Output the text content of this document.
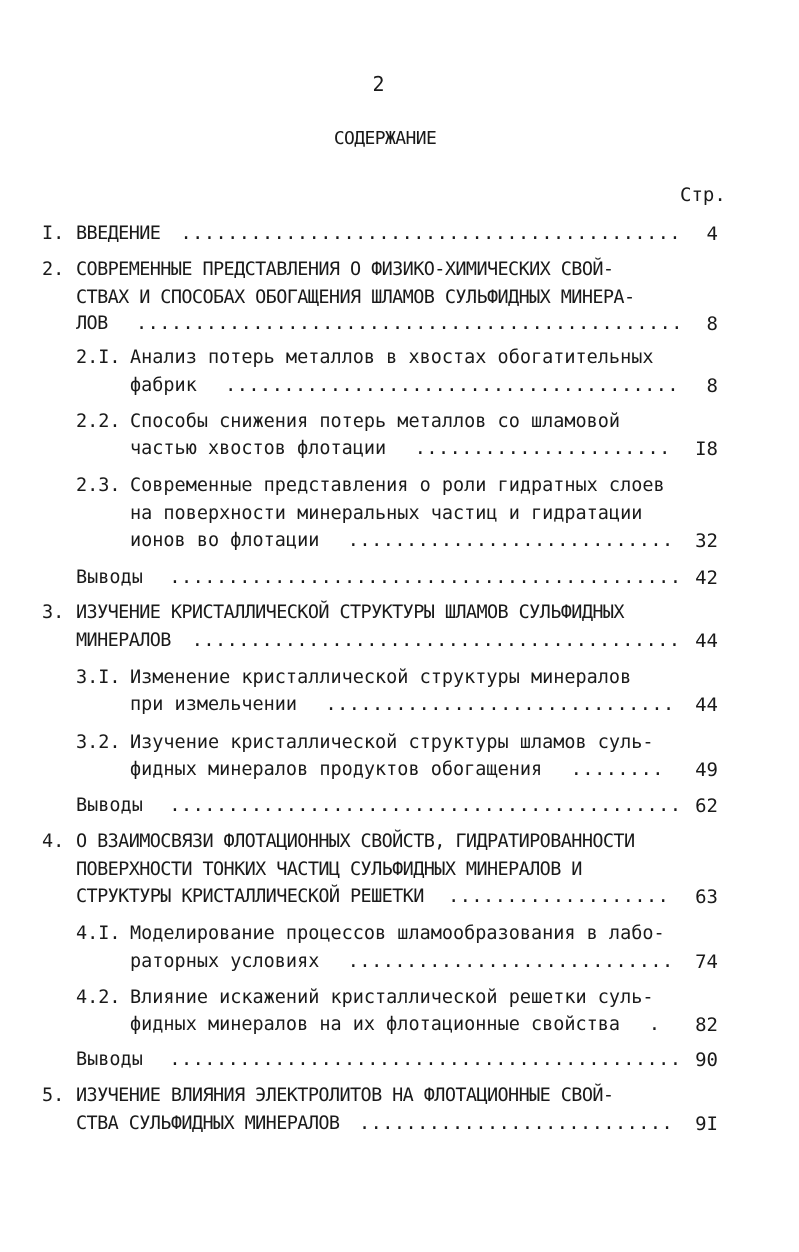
2
СОДЕРЖАНИЕ
Стр.
I. ВВЕДЕНИЕ ...........................................	4
2. СОВРЕМЕННЫЕ ПРЕДСТАВЛЕНИЯ О ФИЗИКО-ХИМИЧЕСКИХ СВОЙ-
СТВАХ И СПОСОБАХ ОБОГАЩЕНИЯ ШЛАМОВ СУЛЬФИДНЫХ МИНЕРА-
ЛОВ ...............................................	8
2.I. Анализ потерь металлов в хвостах обогатительных
фабрик .......................................	8
2.2. Способы снижения потерь металлов со шламовой
частью хвостов флотации ......................	I8
2.3. Современные представления о роли гидратных слоев
на поверхности минеральных частиц и гидратации
ионов во флотации ............................	32
Выводы ............................................ 42
3. ИЗУЧЕНИЕ КРИСТАЛЛИЧЕСКОЙ СТРУКТУРЫ ШЛАМОВ СУЛЬФИДНЫХ
МИНЕРАЛОВ .......................................... 44
3.I. Изменение кристаллической структуры минералов
при измельчении ..............................	44
3.2. Изучение кристаллической структуры шламов суль-
фидных минералов продуктов обогащения ........	49
Выводы ............................................ 62
4. О ВЗАИМОСВЯЗИ ФЛОТАЦИОННЫХ СВОЙСТВ, ГИДРАТИРОВАННОСТИ
ПОВЕРХНОСТИ ТОНКИХ ЧАСТИЦ СУЛЬФИДНЫХ МИНЕРАЛОВ И
СТРУКТУРЫ КРИСТАЛЛИЧЕСКОЙ РЕШЕТКИ ...................	63
4.I. Моделирование процессов шламообразования в лабо-
раторных условиях ............................	74
4.2. Влияние искажений кристаллической решетки суль-
фидных минералов на их флотационные свойства .	82
Выводы ............................................ 90
5. ИЗУЧЕНИЕ ВЛИЯНИЯ ЭЛЕКТРОЛИТОВ НА ФЛОТАЦИОННЫЕ СВОЙ-
СТВА СУЛЬФИДНЫХ МИНЕРАЛОВ ...........................	9I
